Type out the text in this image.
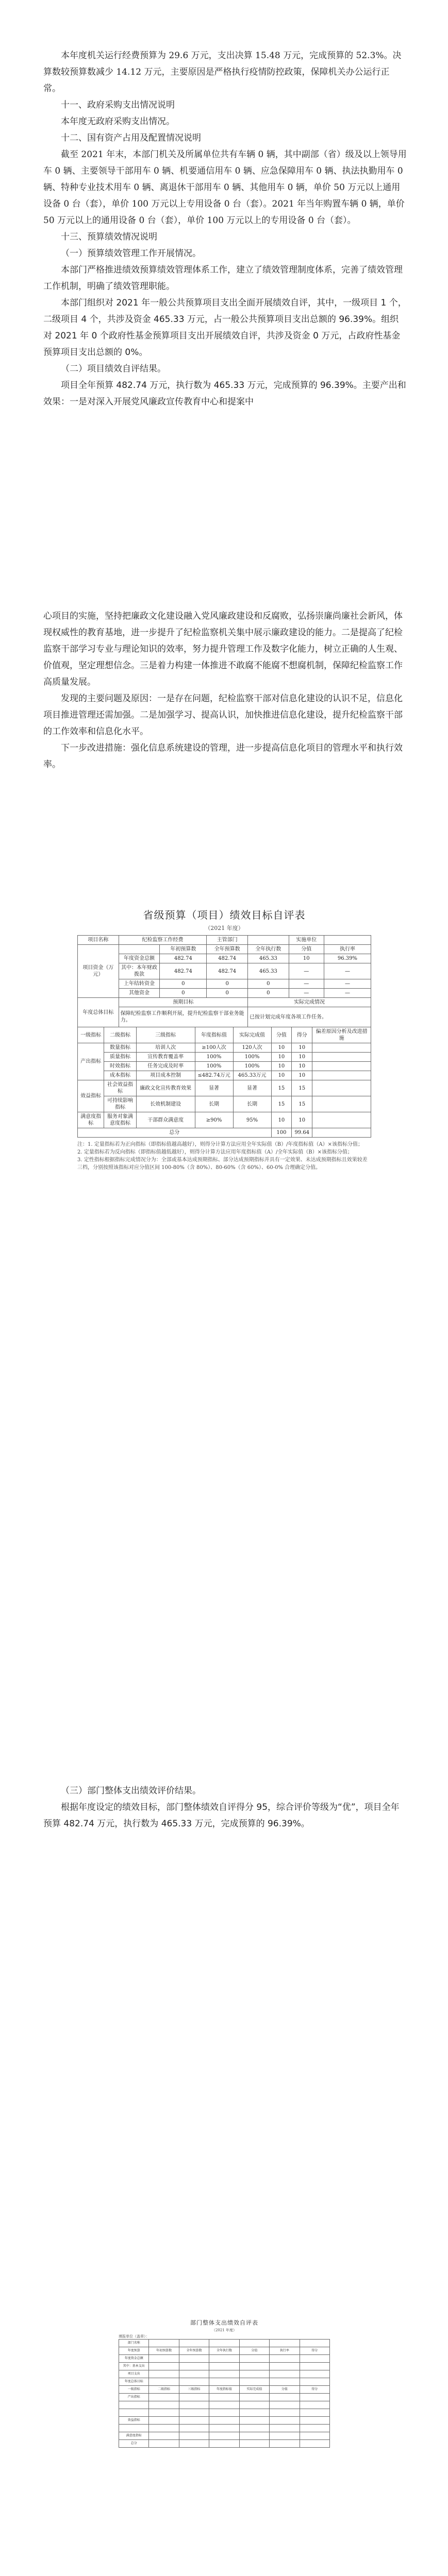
本年度机关运行经费预算为 29.6 万元，支出决算 15.48 万元，完成预算的 52.3%。决算数较预算数减少 14.12 万元，主要原因是严格执行疫情防控政策，保障机关办公运行正常。

十一、政府采购支出情况说明

本年度无政府采购支出情况。

十二、国有资产占用及配置情况说明

截至 2021 年末，本部门机关及所属单位共有车辆 0 辆，其中副部（省）级及以上领导用车 0 辆、主要领导干部用车 0 辆、机要通信用车 0 辆、应急保障用车 0 辆、执法执勤用车 0 辆、特种专业技术用车 0 辆、离退休干部用车 0 辆、其他用车 0 辆，单价 50 万元以上通用设备 0 台（套），单价 100 万元以上专用设备 0 台（套）。2021 年当年购置车辆 0 辆，单价 50 万元以上的通用设备 0 台（套），单价 100 万元以上的专用设备 0 台（套）。

十三、预算绩效情况说明

（一）预算绩效管理工作开展情况。

本部门严格推进绩效预算绩效管理体系工作，建立了绩效管理制度体系，完善了绩效管理工作机制，明确了绩效管理职能。

本部门组织对 2021 年一般公共预算项目支出全面开展绩效自评，其中，一级项目 1 个，二级项目 4 个，共涉及资金 465.33 万元，占一般公共预算项目支出总额的 96.39%。组织对 2021 年 0 个政府性基金预算项目支出开展绩效自评，共涉及资金 0 万元，占政府性基金预算项目支出总额的 0%。

（二）项目绩效自评结果。

项目全年预算 482.74 万元，执行数为 465.33 万元，完成预算的 96.39%。主要产出和效果：一是对深入开展党风廉政宣传教育中心和提案中

心项目的实施，坚持把廉政文化建设融入党风廉政建设和反腐败，弘扬崇廉尚廉社会新风，体现权威性的教育基地，进一步提升了纪检监察机关集中展示廉政建设的能力。二是提高了纪检监察干部学习专业与理论知识的效率，努力提升管理工作及数字化能力，树立正确的人生观、价值观，坚定理想信念。三是着力构建一体推进不敢腐不能腐不想腐机制，保障纪检监察工作高质量发展。

发现的主要问题及原因：一是存在问题，纪检监察干部对信息化建设的认识不足，信息化项目推进管理还需加强。二是加强学习、提高认识，加快推进信息化建设，提升纪检监察干部的工作效率和信息化水平。

下一步改进措施：强化信息系统建设的管理，进一步提高信息化项目的管理水平和执行效率。

省级预算（项目）绩效目标自评表
（2021 年度）
项目名称	纪检监察工作经费		主管部门		实施单位	
项目资金（万元）		年初预算数	全年预算数	全年执行数	分值	执行率
	年度资金总额	482.74	482.74	465.33	10	96.39%
	其中：本年财政拨款	482.74	482.74	465.33	—	—
	上年结转资金	0	0	0	—	—
	其他资金	0	0	0	—	—
年度总体目标	预期目标			实际完成情况		
	保障纪检监察工作顺利开展，提升纪检监察干部业务能力。			已按计划完成年度各项工作任务。		
一级指标	二级指标	三级指标	年度指标值	实际完成值	分值	得分	偏差原因分析及改进措施
产出指标	数量指标	培训人次	≥100人次	120人次	10	10	
	质量指标	宣传教育覆盖率	100%	100%	10	10	
	时效指标	任务完成及时率	100%	100%	10	10	
	成本指标	项目成本控制	≤482.74万元	465.33万元	10	10	
效益指标	社会效益指标	廉政文化宣传教育效果	显著	显著	15	15	
	可持续影响指标	长效机制建设	长期	长期	15	15	
满意度指标	服务对象满意度指标	干部群众满意度	≥90%	95%	10	10	
总分					100	99.64	
注：1. 定量指标若为正向指标（即指标值越高越好），则得分计算方法应用全年实际值（B）/年度指标值（A）×该指标分值；
2. 定量指标若为反向指标（即指标值越低越好），则得分计算方法应用年度指标值（A）/全年实际值（B）×该指标分值；
3. 定性指标根据指标完成情况分为：全部或基本达成预期指标、部分达成预期指标并具有一定效果、未达成预期指标且效果较差三档，分别按照该指标对应分值区间 100-80%（含 80%）、80-60%（含 60%）、60-0% 合理确定分值。

（三）部门整体支出绩效评价结果。

根据年度设定的绩效目标，部门整体绩效自评得分 95，综合评价等级为“优”，项目全年预算 482.74 万元，执行数为 465.33 万元，完成预算的 96.39%。

部门整体支出绩效自评表
（2021 年度）
填报单位（盖章）：
部门名称						
年度预算	年初预算数	全年预算数	全年执行数	分值	执行率	得分
年度资金总额						
其中：基本支出						
项目支出						
年度总体目标						
一级指标	二级指标	三级指标	年度指标值	实际完成值	分值	得分
产出指标						

效益指标						

满意度指标						
总分						
